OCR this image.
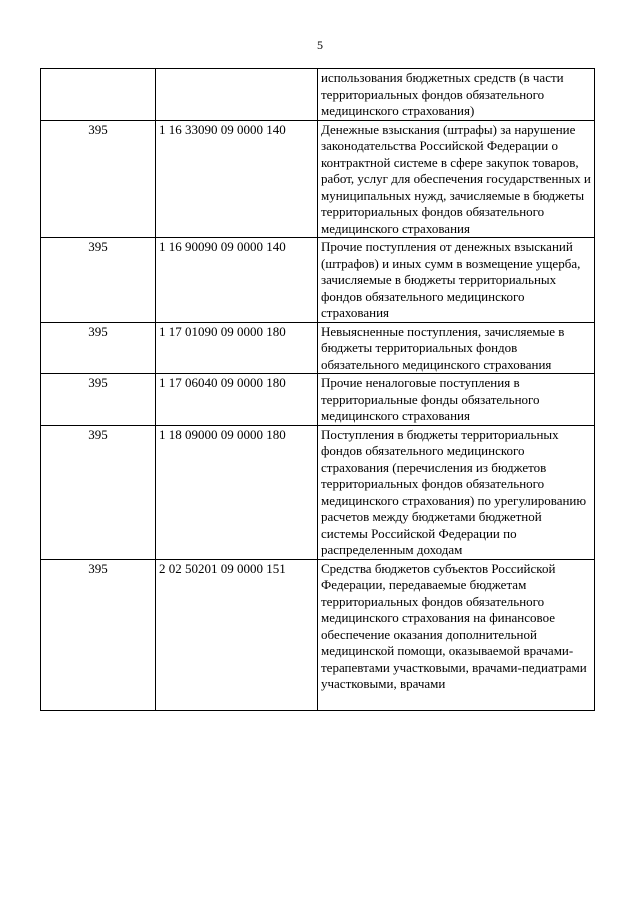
5
		использования бюджетных средств (в части территориальных фондов обязательного медицинского страхования)
395	1 16 33090 09 0000 140	Денежные взыскания (штрафы) за нарушение законодательства Российской Федерации о контрактной системе в сфере закупок товаров, работ, услуг для обеспечения государственных и муниципальных нужд, зачисляемые в бюджеты территориальных фондов обязательного медицинского страхования
395	1 16 90090 09 0000 140	Прочие поступления от денежных взысканий (штрафов) и иных сумм в возмещение ущерба, зачисляемые в бюджеты территориальных фондов обязательного медицинского страхования
395	1 17 01090 09 0000 180	Невыясненные поступления, зачисляемые в бюджеты территориальных фондов обязательного медицинского страхования
395	1 17 06040 09 0000 180	Прочие неналоговые поступления в территориальные фонды обязательного медицинского страхования
395	1 18 09000 09 0000 180	Поступления в бюджеты территориальных фондов обязательного медицинского страхования (перечисления из бюджетов территориальных фондов обязательного медицинского страхования) по урегулированию расчетов между бюджетами бюджетной системы Российской Федерации по распределенным доходам
395	2 02 50201 09 0000 151	Средства бюджетов субъектов Российской Федерации, передаваемые бюджетам территориальных фондов обязательного медицинского страхования на финансовое обеспечение оказания дополнительной медицинской помощи, оказываемой врачами-терапевтами участковыми, врачами-педиатрами участковыми, врачами
